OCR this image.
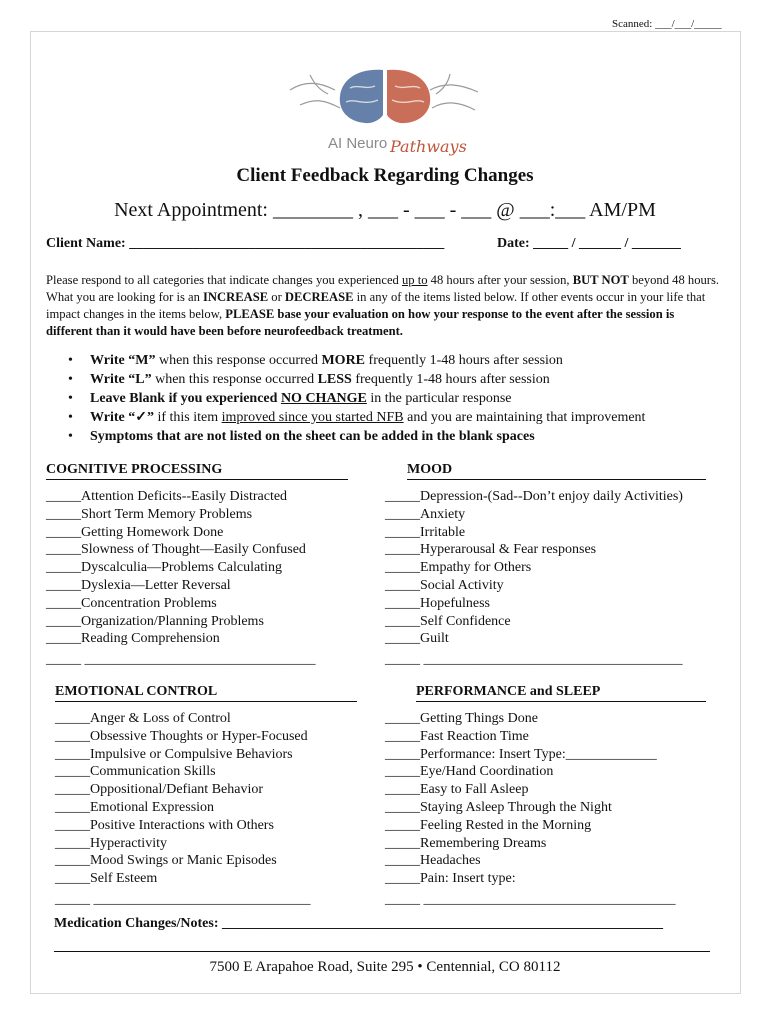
Scanned: ___/___/_____
AI Neuro Pathways
Client Feedback Regarding Changes
Next Appointment: ________ , ___ - ___ - ___ @ ___:___ AM/PM
Client Name: _____________________________________________	Date: _____ / ______ / _______
Please respond to all categories that indicate changes you experienced up to 48 hours after your session, BUT NOT beyond 48 hours. What you are looking for is an INCREASE or DECREASE in any of the items listed below. If other events occur in your life that impact changes in the items below, PLEASE base your evaluation on how your response to the event after the session is different than it would have been before neurofeedback treatment.
• Write “M” when this response occurred MORE frequently 1-48 hours after session
• Write “L” when this response occurred LESS frequently 1-48 hours after session
• Leave Blank if you experienced NO CHANGE in the particular response
• Write “✓” if this item improved since you started NFB and you are maintaining that improvement
• Symptoms that are not listed on the sheet can be added in the blank spaces
COGNITIVE PROCESSING
_____Attention Deficits--Easily Distracted
_____Short Term Memory Problems
_____Getting Homework Done
_____Slowness of Thought—Easily Confused
_____Dyscalculia—Problems Calculating
_____Dyslexia—Letter Reversal
_____Concentration Problems
_____Organization/Planning Problems
_____Reading Comprehension
_____ _________________________________
MOOD
_____Depression-(Sad--Don’t enjoy daily Activities)
_____Anxiety
_____Irritable
_____Hyperarousal & Fear responses
_____Empathy for Others
_____Social Activity
_____Hopefulness
_____Self Confidence
_____Guilt
_____ _____________________________________
EMOTIONAL CONTROL
_____Anger & Loss of Control
_____Obsessive Thoughts or Hyper-Focused
_____Impulsive or Compulsive Behaviors
_____Communication Skills
_____Oppositional/Defiant Behavior
_____Emotional Expression
_____Positive Interactions with Others
_____Hyperactivity
_____Mood Swings or Manic Episodes
_____Self Esteem
_____ _______________________________
PERFORMANCE and SLEEP
_____Getting Things Done
_____Fast Reaction Time
_____Performance: Insert Type:_____________
_____Eye/Hand Coordination
_____Easy to Fall Asleep
_____Staying Asleep Through the Night
_____Feeling Rested in the Morning
_____Remembering Dreams
_____Headaches
_____Pain: Insert type:
_____ ____________________________________
Medication Changes/Notes: _______________________________________________________________
7500 E Arapahoe Road, Suite 295 • Centennial, CO 80112
